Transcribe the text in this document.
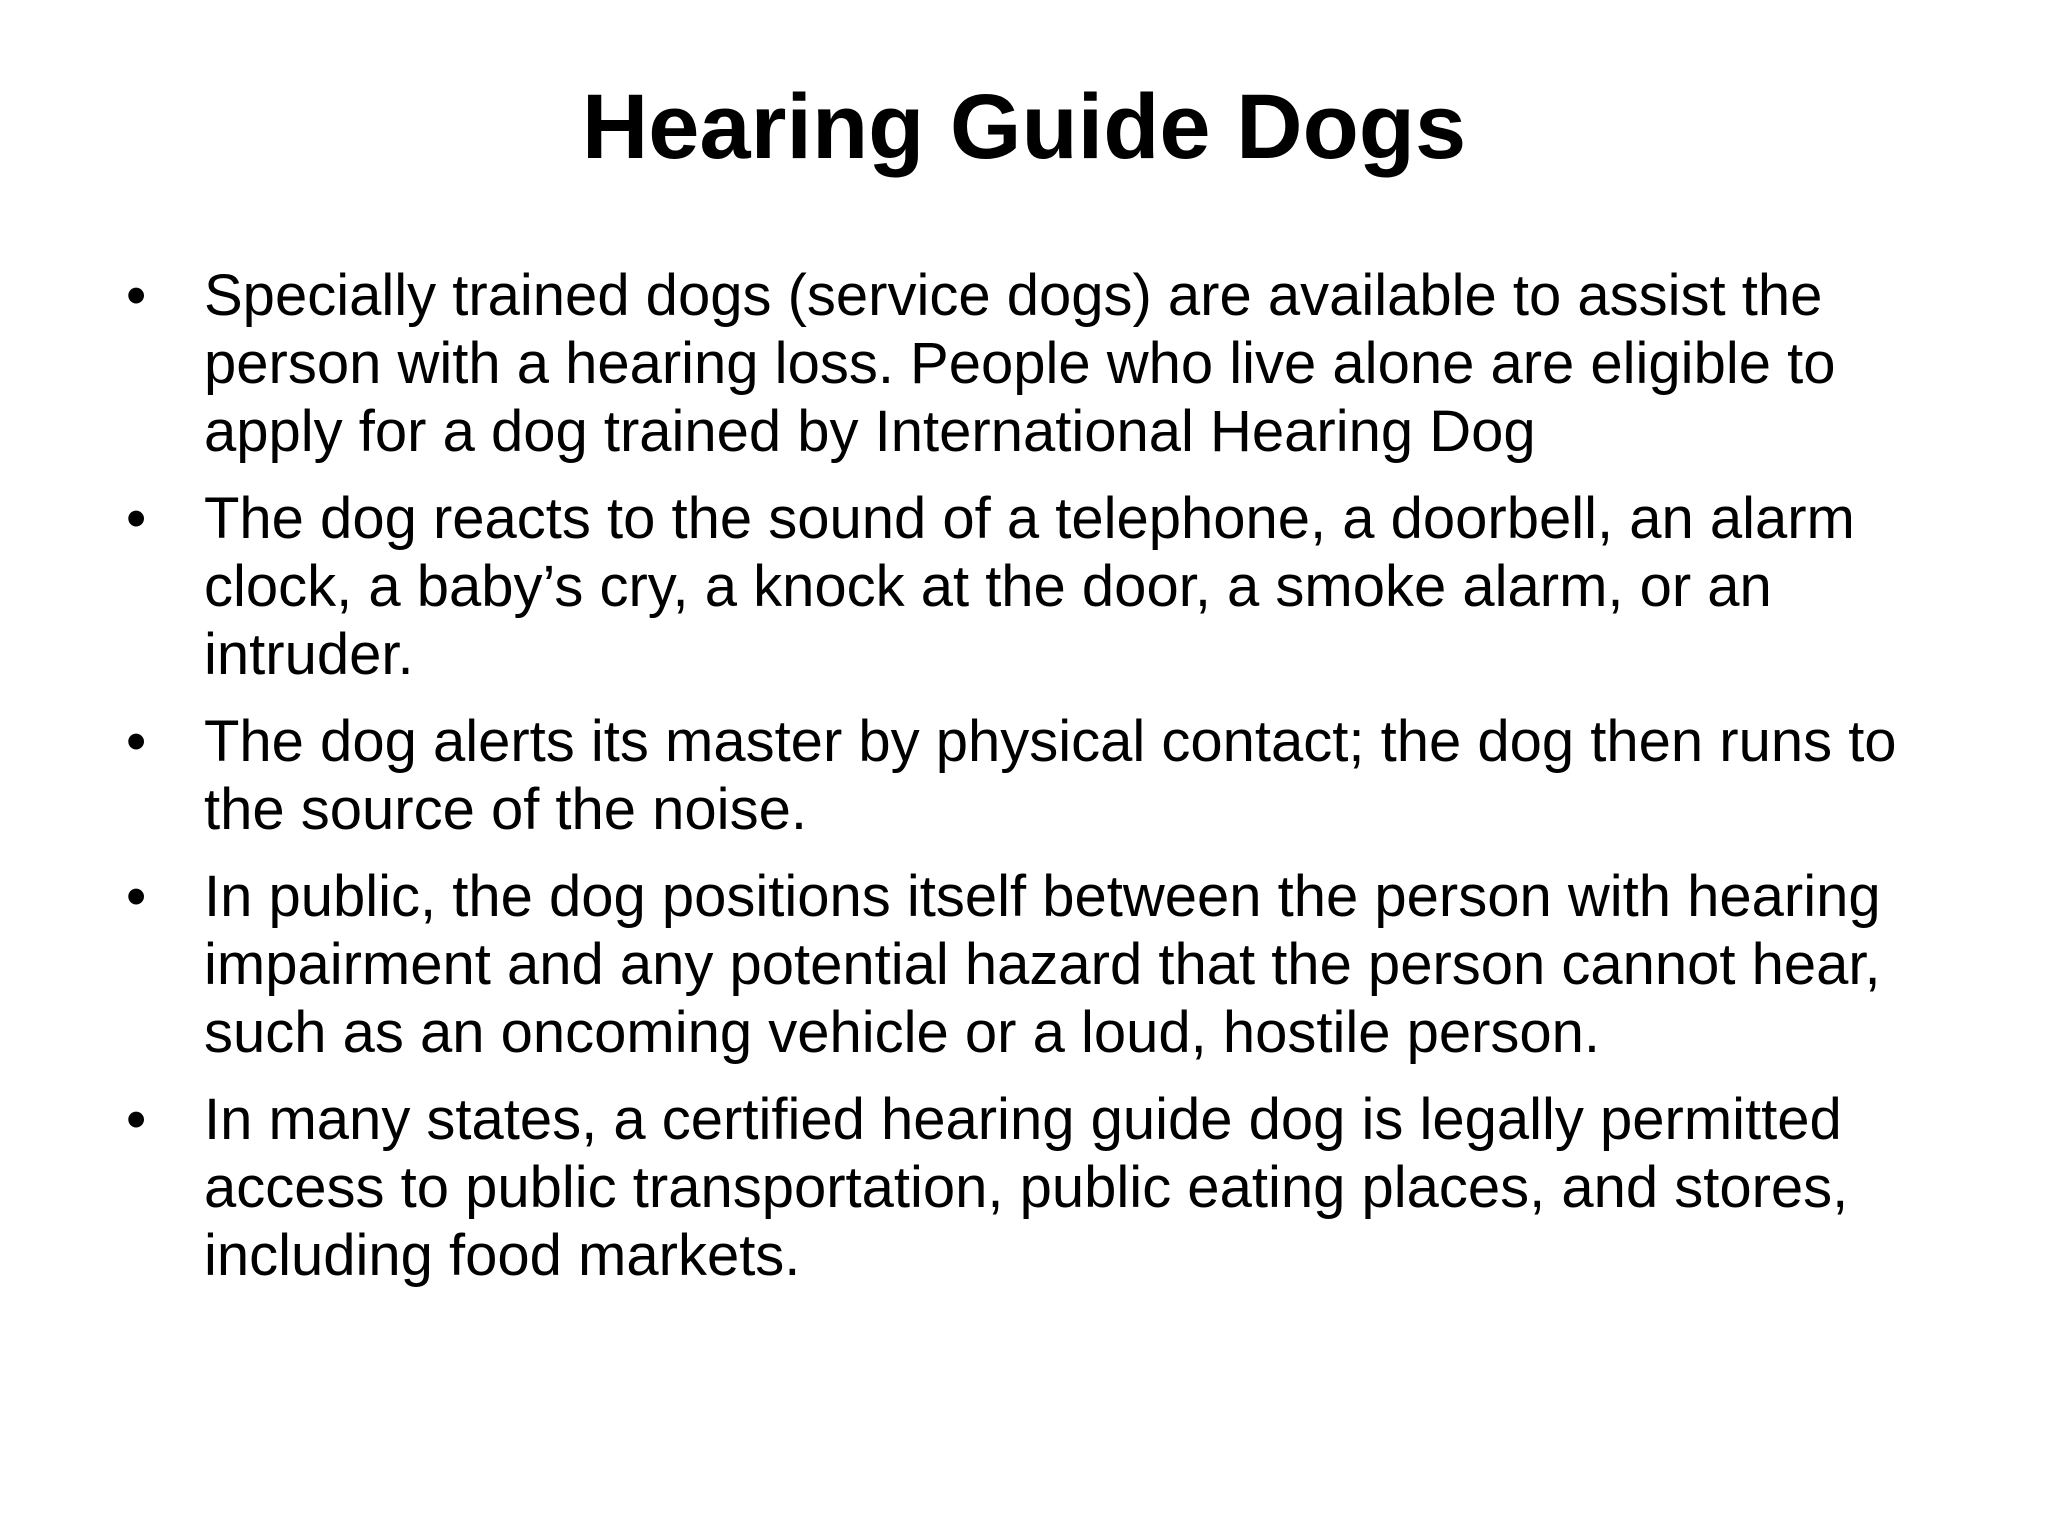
Hearing Guide Dogs
• Specially trained dogs (service dogs) are available to assist the person with a hearing loss. People who live alone are eligible to apply for a dog trained by International Hearing Dog
• The dog reacts to the sound of a telephone, a doorbell, an alarm clock, a baby’s cry, a knock at the door, a smoke alarm, or an intruder.
• The dog alerts its master by physical contact; the dog then runs to the source of the noise.
• In public, the dog positions itself between the person with hearing impairment and any potential hazard that the person cannot hear, such as an oncoming vehicle or a loud, hostile person.
• In many states, a certified hearing guide dog is legally permitted access to public transportation, public eating places, and stores, including food markets.
